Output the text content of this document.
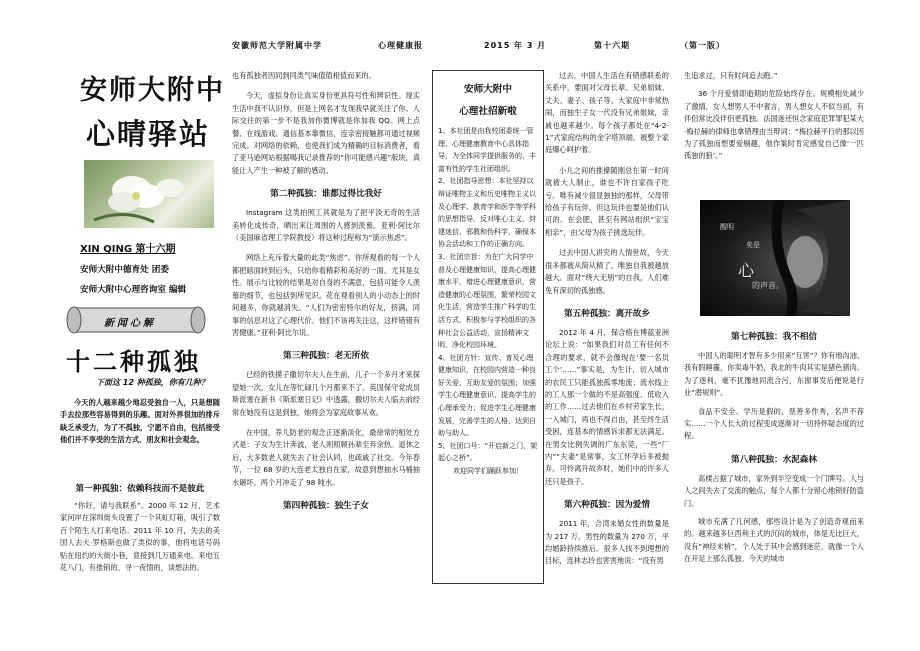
安徽师范大学附属中学	心理健康报	2015 年 3 月	第十六期	（第一版）
安师大附中
心晴驿站
XIN QING 第十六期
安师大附中德育处 团委
安师大附中心理咨询室 编辑
新闻心解
十二种孤独
下面这 12 种孤独，你有几种？

今天的人越来越少地忍受独自一人，只是想随手去拉那些容易得到的乐趣。面对外界很加的排斥缺乏承受力，为了不孤独，宁愿不自由，包括接受他们并不享受的生活方式、朋友和社会观念。

第一种孤独：依赖科技而不是彼此

“你好，请与我联系”。2000 年 12 月，艺术家何岸在深圳街头设置了一个其虹灯箱，吸引了数百个陌生人打来电话。2011 年 10 月，失去的美国人去大·罗格斯也做了类似的事，他将电话号码贴在纽约的大街小巷，竟接到几万通来电。来电五花八门，有推销的、寻一夜情的，谈想法的。

也有孤独者因同到同类气味值值相值而来的。

今天，虚拟身份让真实身份更具符号性和辨识性。现实生活中我不认识你，但是上网名才发现我早就关注了你。人际交往的第一步不是我加你微博就是你加我 QQ。网上点餐、在线游戏、通信基本靠微信，连亲密接触都可通过视频完成。对网络的依赖，也使我们成为精确的目标消费者，看了亚马逊网站根据喝我记录推荐的“你可能感兴趣”版块，真能让人产生一种被了解的感动。

第二种孤独：谁都过得比我好

Instagram 这类拍照工具就是为了把平淡无奇的生活美转化成传奇，晒出来让周围的人感到羡慕。亚利·阿比尔（美国麻省理工学院教授）将这种过程称为“演示焦虑”。

网络上充斥着大量的此类“焦虑”。你所观看的每一个人都把暗面转到后头，只给你看精彩和美好的一面。尤其是女性。展示与比较的结果是对自身的不满意，包括可能令人羡慕的细节，也包括到所见识。花在观看别人的小动态上的时间越多，你就越消失。“人们为密密特尔的好友，挤满，同事的信息对这了心理代价。他们不该再关注这，这样错错有害健康。”亚利·阿比尔说。

第三种孤独：老无所依

已经的铁摸子撒切尔夫人在生前，儿子一个多月才来探望她一次，女儿在等忙碌几个月都来不了。英国保守党成员斯派塞在新书《斯派塞日记》中透露，撒切尔夫人临去前经常在她没有这是到独，她将会为家庭故事从欢。

在中国，养儿防老的观念正逐渐淡化，最徐常的相处方式是：子女为生计奔波，老人则照顾孙辈至弃余热。退休之后，大多数老人就失去了社会认同，也疏戚了社交。今年春节，一位 68 岁的大连老太独自在家，故意到想抽水马桶抽水砸坏，两个月冲走了 98 吨水。

第四种孤独：独生子女

安师大附中
心理社招新啦

1、本社团是由我校团委统一管理，心理健康教育中心具体指导，为全体同学提供服务的、丰富有性的学生社团组织。

2、社团指导思想：本社坚持以辩证唯物主义和历史唯物主义以及心理学、教育学和医学等学科的思想指导，反对唯心主义，封建迷信、邪教和伪科学，确保本协会活动和工作的正确方向。

3、社团宗旨：为在广大同学中普及心理健康知识，提高心理健康水平，增进心理健康意识，营造健康的心理氛围，繁荣校园文化生活，营造学生推广科学的生活方式，积极参与学校组织的各种社会公益活动，宣扬精神文明、净化校园环境。

4、社团方针：宣传、普及心理健康知识，在校园内营造一种良好关爱、互助友爱的氛围；加强学生心理健康意识，提高学生的心理承受力；促进学生心理健康发展，完善学生的人格，达到自助与助人。

5、社团口号：“开启新之门，架起心之桥”。

欢迎同学们踊跃参加！

过去，中国人生活在有错感联系的关系中，要面对父母长辈、兄弟姐妹、丈夫、妻子、孩子等。大家庭中非常热闹，而独生子女一代没有兄弟姐妹，亲戚也越来越少。每个孩子都处在“4-2-1”式家庭结构的金字塔顶端，被整个家庭爆心呵护着。

小儿之间的推搡随刚总在第一时间就被大人制止，谁也不许自家孩子吃亏。唯有减少很显独独的那样，父母带给孩子有玩伴。但这玩伴也要是他们认可的。在会肥，甚至有网站组织“宝宝相亲”，由父母为孩子挑选玩伴。

过去中国人讲究的人情世故，今天很多都被从简从精了，唯独自我被越放越大。面对“绕大无朋”的自我，人们难免有深切的孤独感。

第五种孤独：离开故乡

2012 年 4 月，保合格在博蓝亚洲论坛上说：“如果我们对员工有任何不合理的要求，就不会像现在‘要一名员工个’……”事实是，为生计，切入城市的农民工只能孤独孤零地流；流水线上的工人那一个做的不是高强度、低收入的工作……过去他们在乡村劳家生长，一入城门，再也不得自由，甚至终生活受困，连基本的情感诉求都无法满足。在男女比例失调的广东东莞，一些“厂内”“夫妻”是常事，女工怀孕后多被抛弃。可怜离开故乡时，她们中的许多人还只是孩子。

第六种孤独：因为爱情

2011 年，合湾未婚女性的数量是为 217 万，男性的数量为 270 万，平均婚龄持续推后。很多人找不到理想的目标，连林志玲也害害地说：“没有男

生追求过，只有时间追去跑。”

36 个月爱情即逝期的危险始终存在。规模相处减少了激情，女人想男人不中奢言，男人想女人不似当初，有伴侣常比没伴侣更孤独。法国迷还恒念家庭犯罪罪犯某大·梅拉赫的律师也拿错理由当辩词：“梅拉赫平行的那以因为了孤独而想要爱剔趣，他作案时肯定感觉自己像‘一匹孤独的狼’。”

醒明
矣是
心
的声音。

第七种孤独：我不相信

中国人的聪明才智有多少用来“互害”？你有地沟油、我有假睡霾，你卖毒牛奶，我北的牛肉其实是猪色猪肉。为了逐利，毫不犹豫地同流合污，东窗事发后便说是行业“潜规则”。

食品不安全、学历是假的，慈善多作秀，名声不荐实……一个人长大的过程变成逐渐对一切持怀疑态度的过程。

第八种孤独：水泥森林

高楼占据了城市，家外到半空变成一个门牌号。人与人之间失去了交流的触点，每个人都十分留心地锁好防盗门。

城市充满了几何感，那些设计是为了创造奇观而来的。越来越多巨西利主式的沉闷的城市，体是无比巨大，没有“神经末梢”，个人处于其中会感到迷茫，就像一个人在开足上那么孤独。今天的城市
